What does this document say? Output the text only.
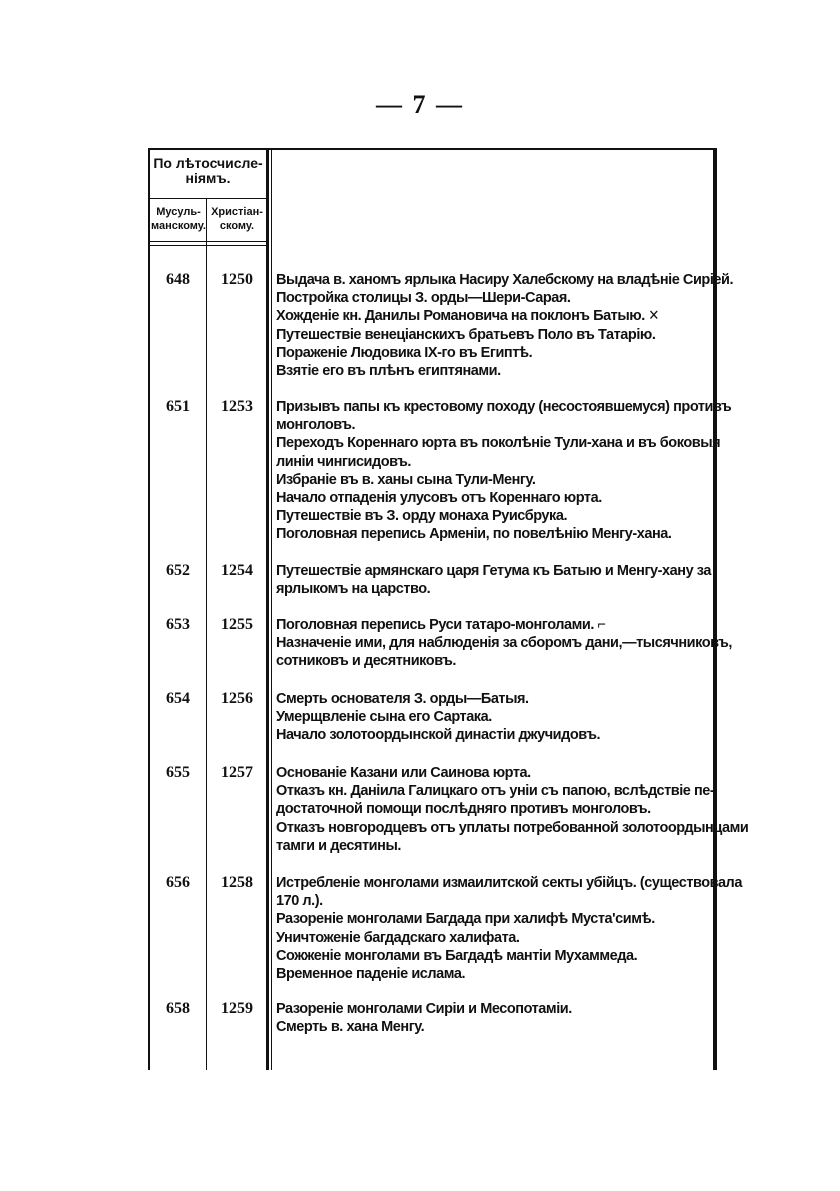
— 7 —
По лѣтосчисле-
ніямъ.
Мусуль-
манскому.
Христіан-
скому.
648	1250	Выдача в. ханомъ ярлыка Насиру Халебскому на владѣніе Сиріей.
Постройка столицы З. орды—Шери-Сарая.
Хожденіе кн. Данилы Романовича на поклонъ Батыю. ✕
Путешествіе венеціанскихъ братьевъ Поло въ Татарію.
Пораженіе Людовика IX-го въ Египтѣ.
Взятіе его въ плѣнъ египтянами.
651	1253	Призывъ папы къ крестовому походу (несостоявшемуся) противъ
монголовъ.
Переходъ Кореннаго юрта въ поколѣніе Тули-хана и въ боковыя
линіи чингисидовъ.
Избраніе въ в. ханы сына Тули-Менгу.
Начало отпаденія улусовъ отъ Кореннаго юрта.
Путешествіе въ З. орду монаха Руисбрука.
Поголовная перепись Арменіи, по повелѣнію Менгу-хана.
652	1254	Путешествіе армянскаго царя Гетума къ Батыю и Менгу-хану за
ярлыкомъ на царство.
653	1255	Поголовная перепись Руси татаро-монголами. ⌐
Назначеніе ими, для наблюденія за сборомъ дани,—тысячниковъ,
сотниковъ и десятниковъ.
654	1256	Смерть основателя З. орды—Батыя.
Умерщвленіе сына его Сартака.
Начало золотоордынской династіи джучидовъ.
655	1257	Основаніе Казани или Саинова юрта.
Отказъ кн. Даніила Галицкаго отъ уніи съ папою, вслѣдствіе пе-
достаточной помощи послѣдняго противъ монголовъ.
Отказъ новгородцевъ отъ уплаты потребованной золотоордынцами
тамги и десятины.
656	1258	Истребленіе монголами измаилитской секты убійцъ. (существовала
170 л.).
Разореніе монголами Багдада при халифѣ Муста'симѣ.
Уничтоженіе багдадскаго халифата.
Сожженіе монголами въ Багдадѣ мантіи Мухаммеда.
Временное паденіе ислама.
658	1259	Разореніе монголами Сиріи и Месопотаміи.
Смерть в. хана Менгу.
